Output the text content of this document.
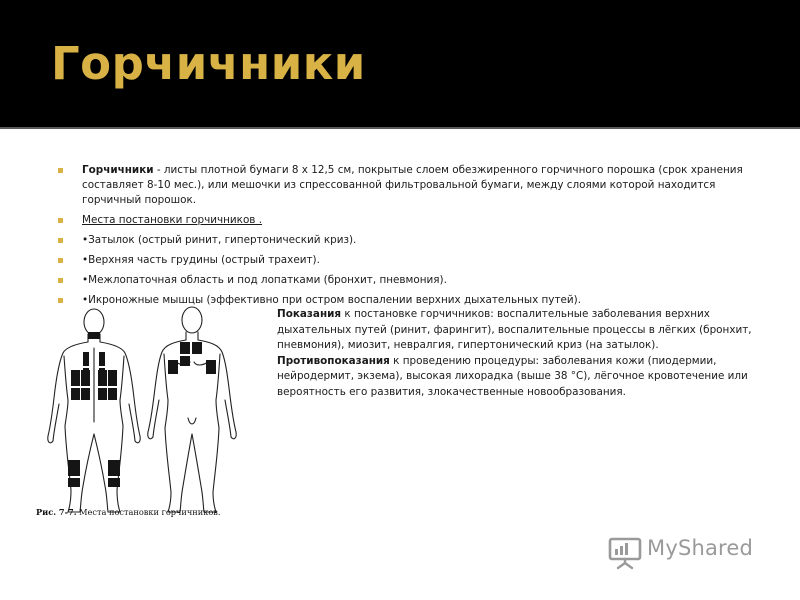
Горчичники
Горчичники - листы плотной бумаги 8 х 12,5 см, покрытые слоем обезжиренного горчичного порошка (срок хранения составляет 8-10 мес.), или мешочки из спрессованной фильтровальной бумаги, между слоями которой находится горчичный порошок.
Места постановки горчичников .
•Затылок (острый ринит, гипертонический криз).
•Верхняя часть грудины (острый трахеит).
•Межлопаточная область и под лопатками (бронхит, пневмония).
•Икроножные мышцы (эффективно при остром воспалении верхних дыхательных путей).
Рис. 7-7. Места постановки горчичников.

Показания к постановке горчичников: воспалительные заболевания верхних дыхательных путей (ринит, фарингит), воспалительные процессы в лёгких (бронхит, пневмония), миозит, невралгия, гипертонический криз (на затылок).

Противопоказания к проведению процедуры: заболевания кожи (пиодермии, нейродермит, экзема), высокая лихорадка (выше 38 °С), лёгочное кровотечение или вероятность его развития, злокачественные новообразования.

MyShared
